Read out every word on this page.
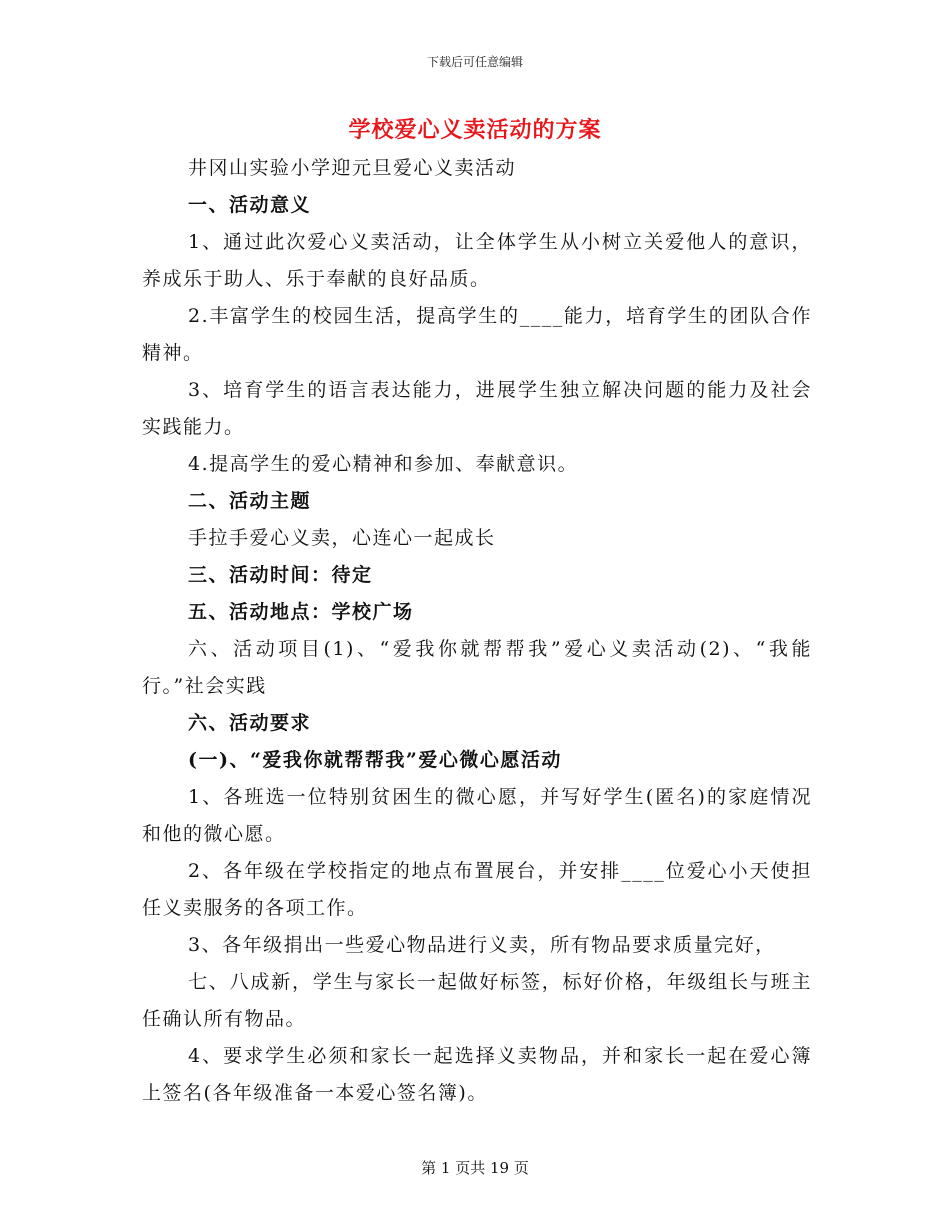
下载后可任意编辑
学校爱心义卖活动的方案

井冈山实验小学迎元旦爱心义卖活动

一、活动意义

1、通过此次爱心义卖活动，让全体学生从小树立关爱他人的意识，养成乐于助人、乐于奉献的良好品质。

2.丰富学生的校园生活，提高学生的____能力，培育学生的团队合作精神。

3、培育学生的语言表达能力，进展学生独立解决问题的能力及社会实践能力。

4.提高学生的爱心精神和参加、奉献意识。

二、活动主题

手拉手爱心义卖，心连心一起成长

三、活动时间：待定

五、活动地点：学校广场

六、活动项目(1)、“爱我你就帮帮我”爱心义卖活动(2)、“我能行。”社会实践

六、活动要求

(一)、“爱我你就帮帮我”爱心微心愿活动

1、各班选一位特别贫困生的微心愿，并写好学生(匿名)的家庭情况和他的微心愿。

2、各年级在学校指定的地点布置展台，并安排____位爱心小天使担任义卖服务的各项工作。

3、各年级捐出一些爱心物品进行义卖，所有物品要求质量完好，

七、八成新，学生与家长一起做好标签，标好价格，年级组长与班主任确认所有物品。

4、要求学生必须和家长一起选择义卖物品，并和家长一起在爱心簿上签名(各年级准备一本爱心签名簿)。

第 1 页共 19 页
